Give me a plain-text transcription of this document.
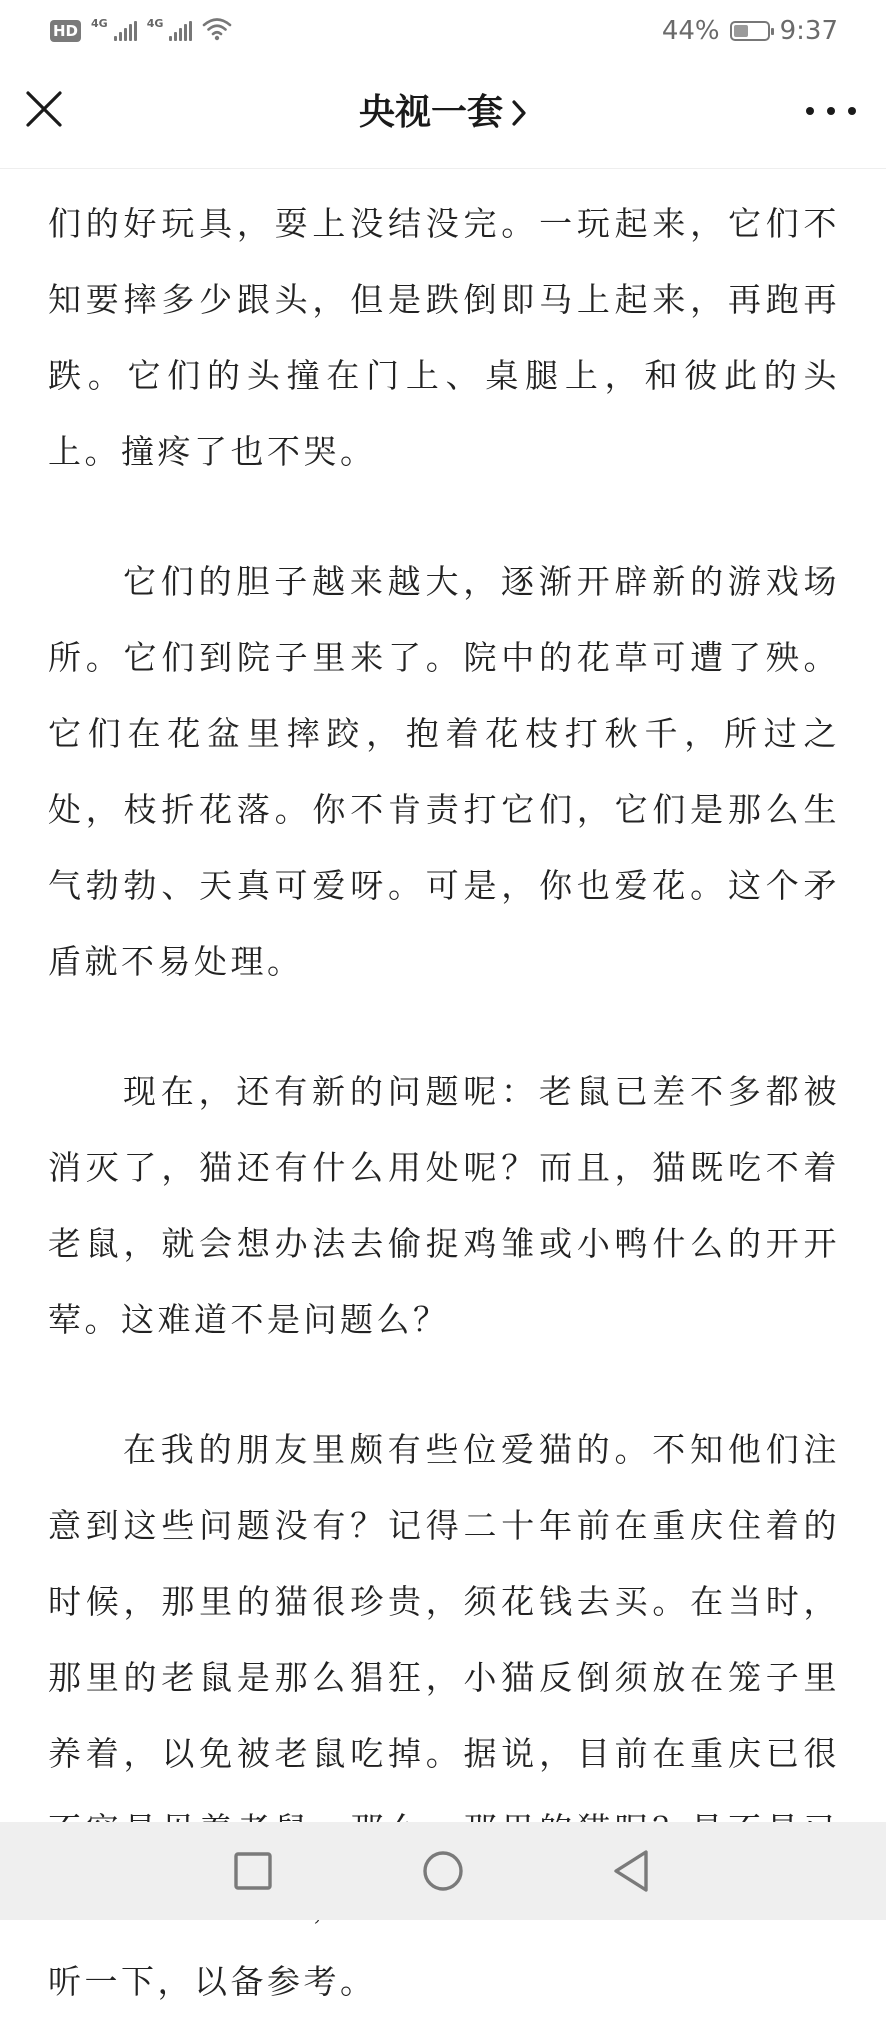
HD 4G	4G	44% 9:37
央视一套

们的好玩具，耍上没结没完。一玩起来，它们不知要摔多少跟头，但是跌倒即马上起来，再跑再跌。它们的头撞在门上、桌腿上，和彼此的头上。撞疼了也不哭。

它们的胆子越来越大，逐渐开辟新的游戏场所。它们到院子里来了。院中的花草可遭了殃。它们在花盆里摔跤，抱着花枝打秋千，所过之处，枝折花落。你不肯责打它们，它们是那么生气勃勃、天真可爱呀。可是，你也爱花。这个矛盾就不易处理。

现在，还有新的问题呢：老鼠已差不多都被消灭了，猫还有什么用处呢？而且，猫既吃不着老鼠，就会想办法去偷捉鸡雏或小鸭什么的开开荤。这难道不是问题么？

在我的朋友里颇有些位爱猫的。不知他们注意到这些问题没有？记得二十年前在重庆住着的时候，那里的猫很珍贵，须花钱去买。在当时，那里的老鼠是那么猖狂，小猫反倒须放在笼子里养着，以免被老鼠吃掉。据说，目前在重庆已很 听一下，以备参考。
